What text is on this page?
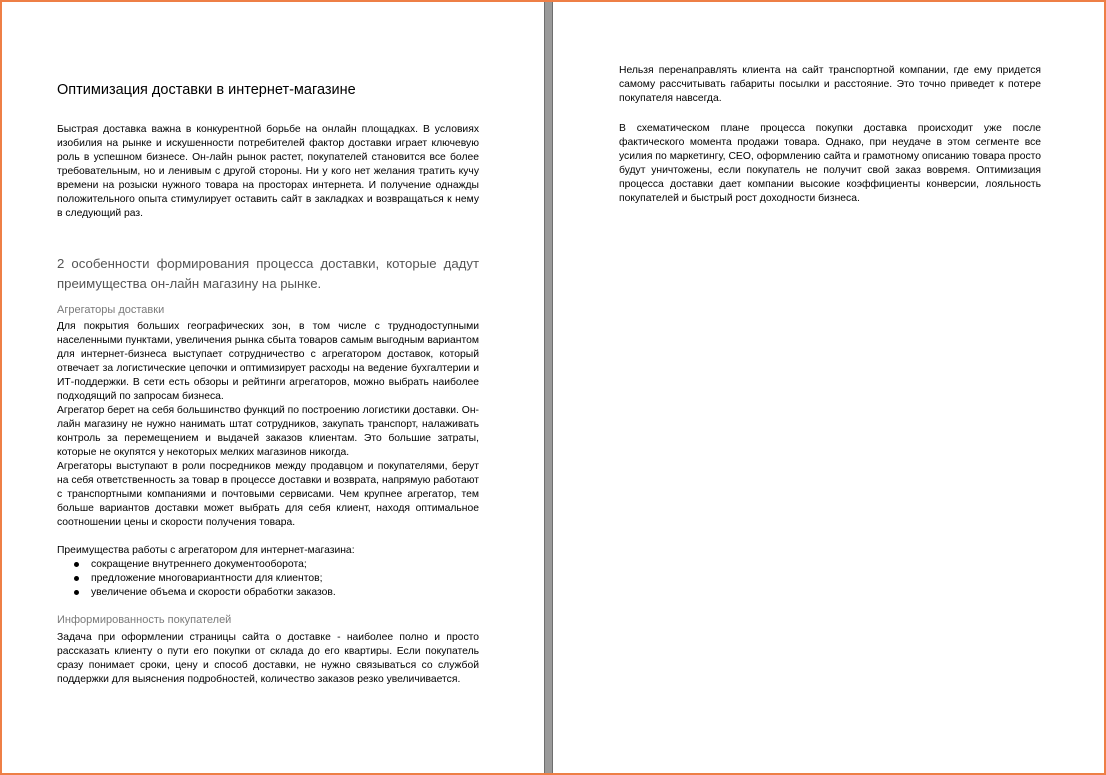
Оптимизация доставки в интернет-магазине

Быстрая доставка важна в конкурентной борьбе на онлайн площадках. В условиях изобилия на рынке и искушенности потребителей фактор доставки играет ключевую роль в успешном бизнесе. Он-лайн рынок растет, покупателей становится все более требовательным, но и ленивым с другой стороны. Ни у кого нет желания тратить кучу времени на розыски нужного товара на просторах интернета. И получение однажды положительного опыта стимулирует оставить сайт в закладках и возвращаться к нему в следующий раз.

2 особенности формирования процесса доставки, которые дадут преимущества он-лайн магазину на рынке.
Агрегаторы доставки

Для покрытия больших географических зон, в том числе с труднодоступными населенными пунктами, увеличения рынка сбыта товаров самым выгодным вариантом для интернет-бизнеса выступает сотрудничество с агрегатором доставок, который отвечает за логистические цепочки и оптимизирует расходы на ведение бухгалтерии и ИТ-поддержки. В сети есть обзоры и рейтинги агрегаторов, можно выбрать наиболее подходящий по запросам бизнеса.

Агрегатор берет на себя большинство функций по построению логистики доставки. Он-лайн магазину не нужно нанимать штат сотрудников, закупать транспорт, налаживать контроль за перемещением и выдачей заказов клиентам. Это большие затраты, которые не окупятся у некоторых мелких магазинов никогда.

Агрегаторы выступают в роли посредников между продавцом и покупателями, берут на себя ответственность за товар в процессе доставки и возврата, напрямую работают с транспортными компаниями и почтовыми сервисами. Чем крупнее агрегатор, тем больше вариантов доставки может выбрать для себя клиент, находя оптимальное соотношении цены и скорости получения товара.

Преимущества работы с агрегатором для интернет-магазина:

сокращение внутреннего документооборота;
предложение многовариантности для клиентов;
увеличение объема и скорости обработки заказов.
Информированность покупателей

Задача при оформлении страницы сайта о доставке - наиболее полно и просто рассказать клиенту о пути его покупки от склада до его квартиры. Если покупатель сразу понимает сроки, цену и способ доставки, не нужно связываться со службой поддержки для выяснения подробностей, количество заказов резко увеличивается.

Нельзя перенаправлять клиента на сайт транспортной компании, где ему придется самому рассчитывать габариты посылки и расстояние. Это точно приведет к потере покупателя навсегда.

В схематическом плане процесса покупки доставка происходит уже после фактического момента продажи товара. Однако, при неудаче в этом сегменте все усилия по маркетингу, СЕО, оформлению сайта и грамотному описанию товара просто будут уничтожены, если покупатель не получит свой заказ вовремя. Оптимизация процесса доставки дает компании высокие коэффициенты конверсии, лояльность покупателей и быстрый рост доходности бизнеса.
